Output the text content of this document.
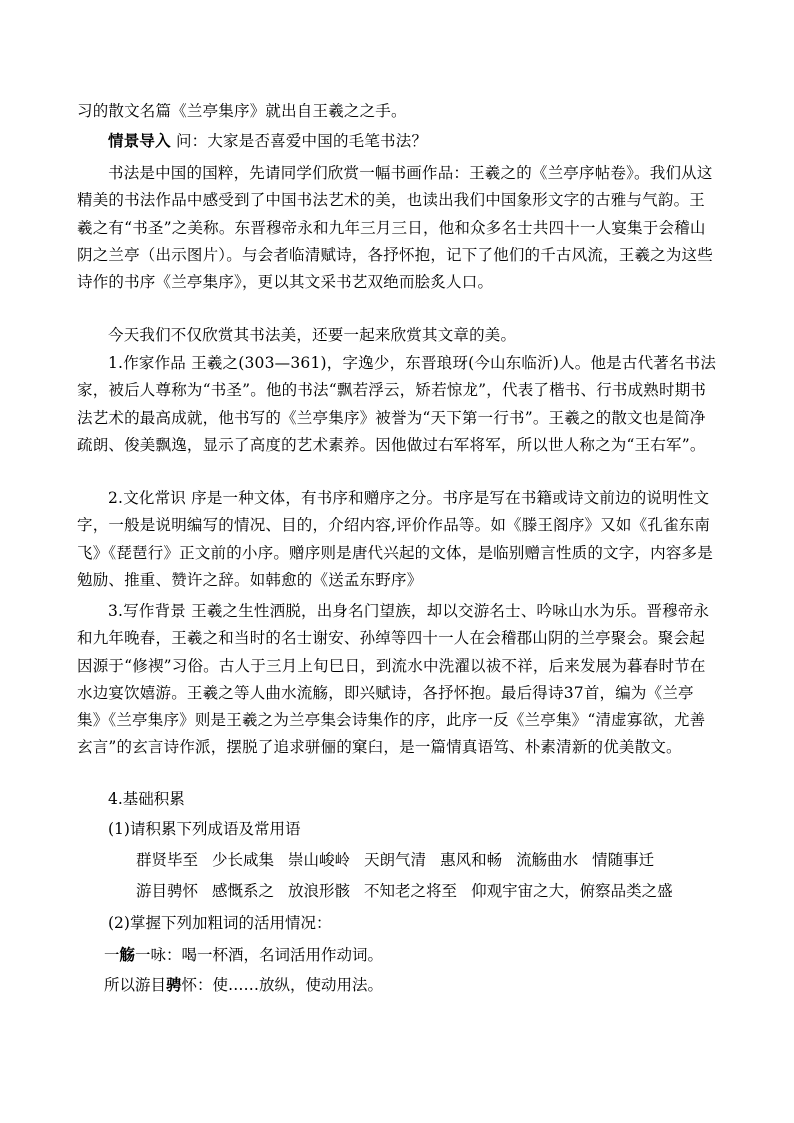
习的散文名篇《兰亭集序》就出自王羲之之手。

情景导入 问：大家是否喜爱中国的毛笔书法？

书法是中国的国粹，先请同学们欣赏一幅书画作品：王羲之的《兰亭序帖卷》。我们从这精美的书法作品中感受到了中国书法艺术的美，也读出我们中国象形文字的古雅与气韵。王羲之有“书圣”之美称。东晋穆帝永和九年三月三日，他和众多名士共四十一人宴集于会稽山阴之兰亭（出示图片）。与会者临清赋诗，各抒怀抱，记下了他们的千古风流，王羲之为这些诗作的书序《兰亭集序》，更以其文采书艺双绝而脍炙人口。

今天我们不仅欣赏其书法美，还要一起来欣赏其文章的美。

1.作家作品 王羲之(303—361)，字逸少，东晋琅玡(今山东临沂)人。他是古代著名书法家，被后人尊称为“书圣”。他的书法“飘若浮云，矫若惊龙”，代表了楷书、行书成熟时期书法艺术的最高成就，他书写的《兰亭集序》被誉为“天下第一行书”。王羲之的散文也是简净疏朗、俊美飘逸，显示了高度的艺术素养。因他做过右军将军，所以世人称之为“王右军”。

2.文化常识 序是一种文体，有书序和赠序之分。书序是写在书籍或诗文前边的说明性文字，一般是说明编写的情况、目的，介绍内容,评价作品等。如《滕王阁序》又如《孔雀东南飞》《琵琶行》正文前的小序。赠序则是唐代兴起的文体，是临别赠言性质的文字，内容多是勉励、推重、赞许之辞。如韩愈的《送孟东野序》

3.写作背景 王羲之生性洒脱，出身名门望族，却以交游名士、吟咏山水为乐。晋穆帝永和九年晚春，王羲之和当时的名士谢安、孙绰等四十一人在会稽郡山阴的兰亭聚会。聚会起因源于“修禊”习俗。古人于三月上旬巳日，到流水中洗濯以祓不祥，后来发展为暮春时节在水边宴饮嬉游。王羲之等人曲水流觞，即兴赋诗，各抒怀抱。最后得诗37首，编为《兰亭集》《兰亭集序》则是王羲之为兰亭集会诗集作的序，此序一反《兰亭集》“清虚寡欲，尤善玄言”的玄言诗作派，摆脱了追求骈俪的窠臼，是一篇情真语笃、朴素清新的优美散文。

4.基础积累

(1)请积累下列成语及常用语

群贤毕至 少长咸集 崇山峻岭 天朗气清 惠风和畅 流觞曲水 情随事迁

游目骋怀 感慨系之 放浪形骸 不知老之将至 仰观宇宙之大，俯察品类之盛

(2)掌握下列加粗词的活用情况：

一觞一咏：喝一杯酒，名词活用作动词。

所以游目骋怀：使……放纵，使动用法。
